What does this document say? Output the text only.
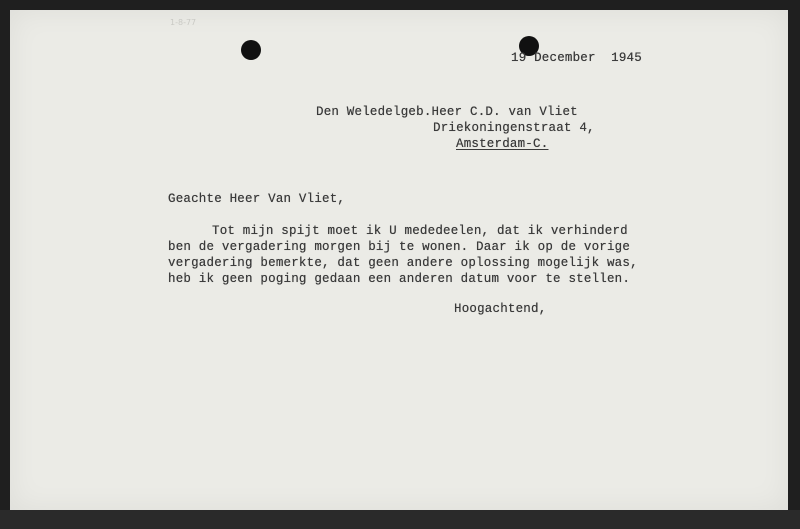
1-8-77
19 December  1945
Den Weledelgeb.Heer C.D. van Vliet
Driekoningenstraat 4,
Amsterdam-C.
Geachte Heer Van Vliet,
Tot mijn spijt moet ik U mededeelen, dat ik verhinderd
ben de vergadering morgen bij te wonen. Daar ik op de vorige
vergadering bemerkte, dat geen andere oplossing mogelijk was,
heb ik geen poging gedaan een anderen datum voor te stellen.
Hoogachtend,
